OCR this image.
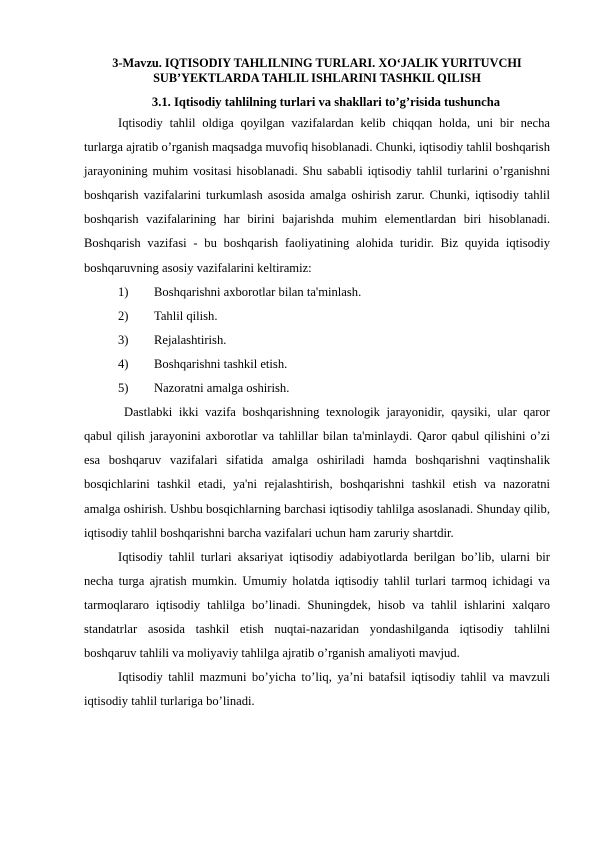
3-Mavzu. IQTISODIY TAHLILNING TURLARI. XO‘JALIK YURITUVCHI
SUB’YEKTLARDA TAHLIL ISHLARINI TASHKIL QILISH
3.1. Iqtisodiy tahlilning turlari va shakllari to’g’risida tushuncha

Iqtisodiy tahlil oldiga qoyilgan vazifalardan kelib chiqqan holda, uni bir necha turlarga ajratib o’rganish maqsadga muvofiq hisoblanadi. Chunki, iqtisodiy tahlil boshqarish jarayonining muhim vositasi hisoblanadi. Shu sababli iqtisodiy tahlil turlarini o’rganishni boshqarish vazifalarini turkumlash asosida amalga oshirish zarur. Chunki, iqtisodiy tahlil boshqarish vazifalarining har birini bajarishda muhim elementlardan biri hisoblanadi. Boshqarish vazifasi - bu boshqarish faoliyatining alohida turidir. Biz quyida iqtisodiy boshqaruvning asosiy vazifalarini keltiramiz:

1)	Boshqarishni axborotlar bilan ta'minlash.
2)	Tahlil qilish.
3)	Rejalashtirish.
4)	Boshqarishni tashkil etish.
5)	Nazoratni amalga oshirish.

Dastlabki ikki vazifa boshqarishning texnologik jarayonidir, qaysiki, ular qaror qabul qilish jarayonini axborotlar va tahlillar bilan ta'minlaydi. Qaror qabul qilishini o’zi esa boshqaruv vazifalari sifatida amalga oshiriladi hamda boshqarishni vaqtinshalik bosqichlarini tashkil etadi, ya'ni rejalashtirish, boshqarishni tashkil etish va nazoratni amalga oshirish. Ushbu bosqichlarning barchasi iqtisodiy tahlilga asoslanadi. Shunday qilib, iqtisodiy tahlil boshqarishni barcha vazifalari uchun ham zaruriy shartdir.

Iqtisodiy tahlil turlari aksariyat iqtisodiy adabiyotlarda berilgan bo’lib, ularni bir necha turga ajratish mumkin. Umumiy holatda iqtisodiy tahlil turlari tarmoq ichidagi va tarmoqlararo iqtisodiy tahlilga bo’linadi. Shuningdek, hisob va tahlil ishlarini xalqaro standatrlar asosida tashkil etish nuqtai-nazaridan yondashilganda iqtisodiy tahlilni boshqaruv tahlili va moliyaviy tahlilga ajratib o’rganish amaliyoti mavjud.

Iqtisodiy tahlil mazmuni bo’yicha to’liq, ya’ni batafsil iqtisodiy tahlil va mavzuli iqtisodiy tahlil turlariga bo’linadi.
